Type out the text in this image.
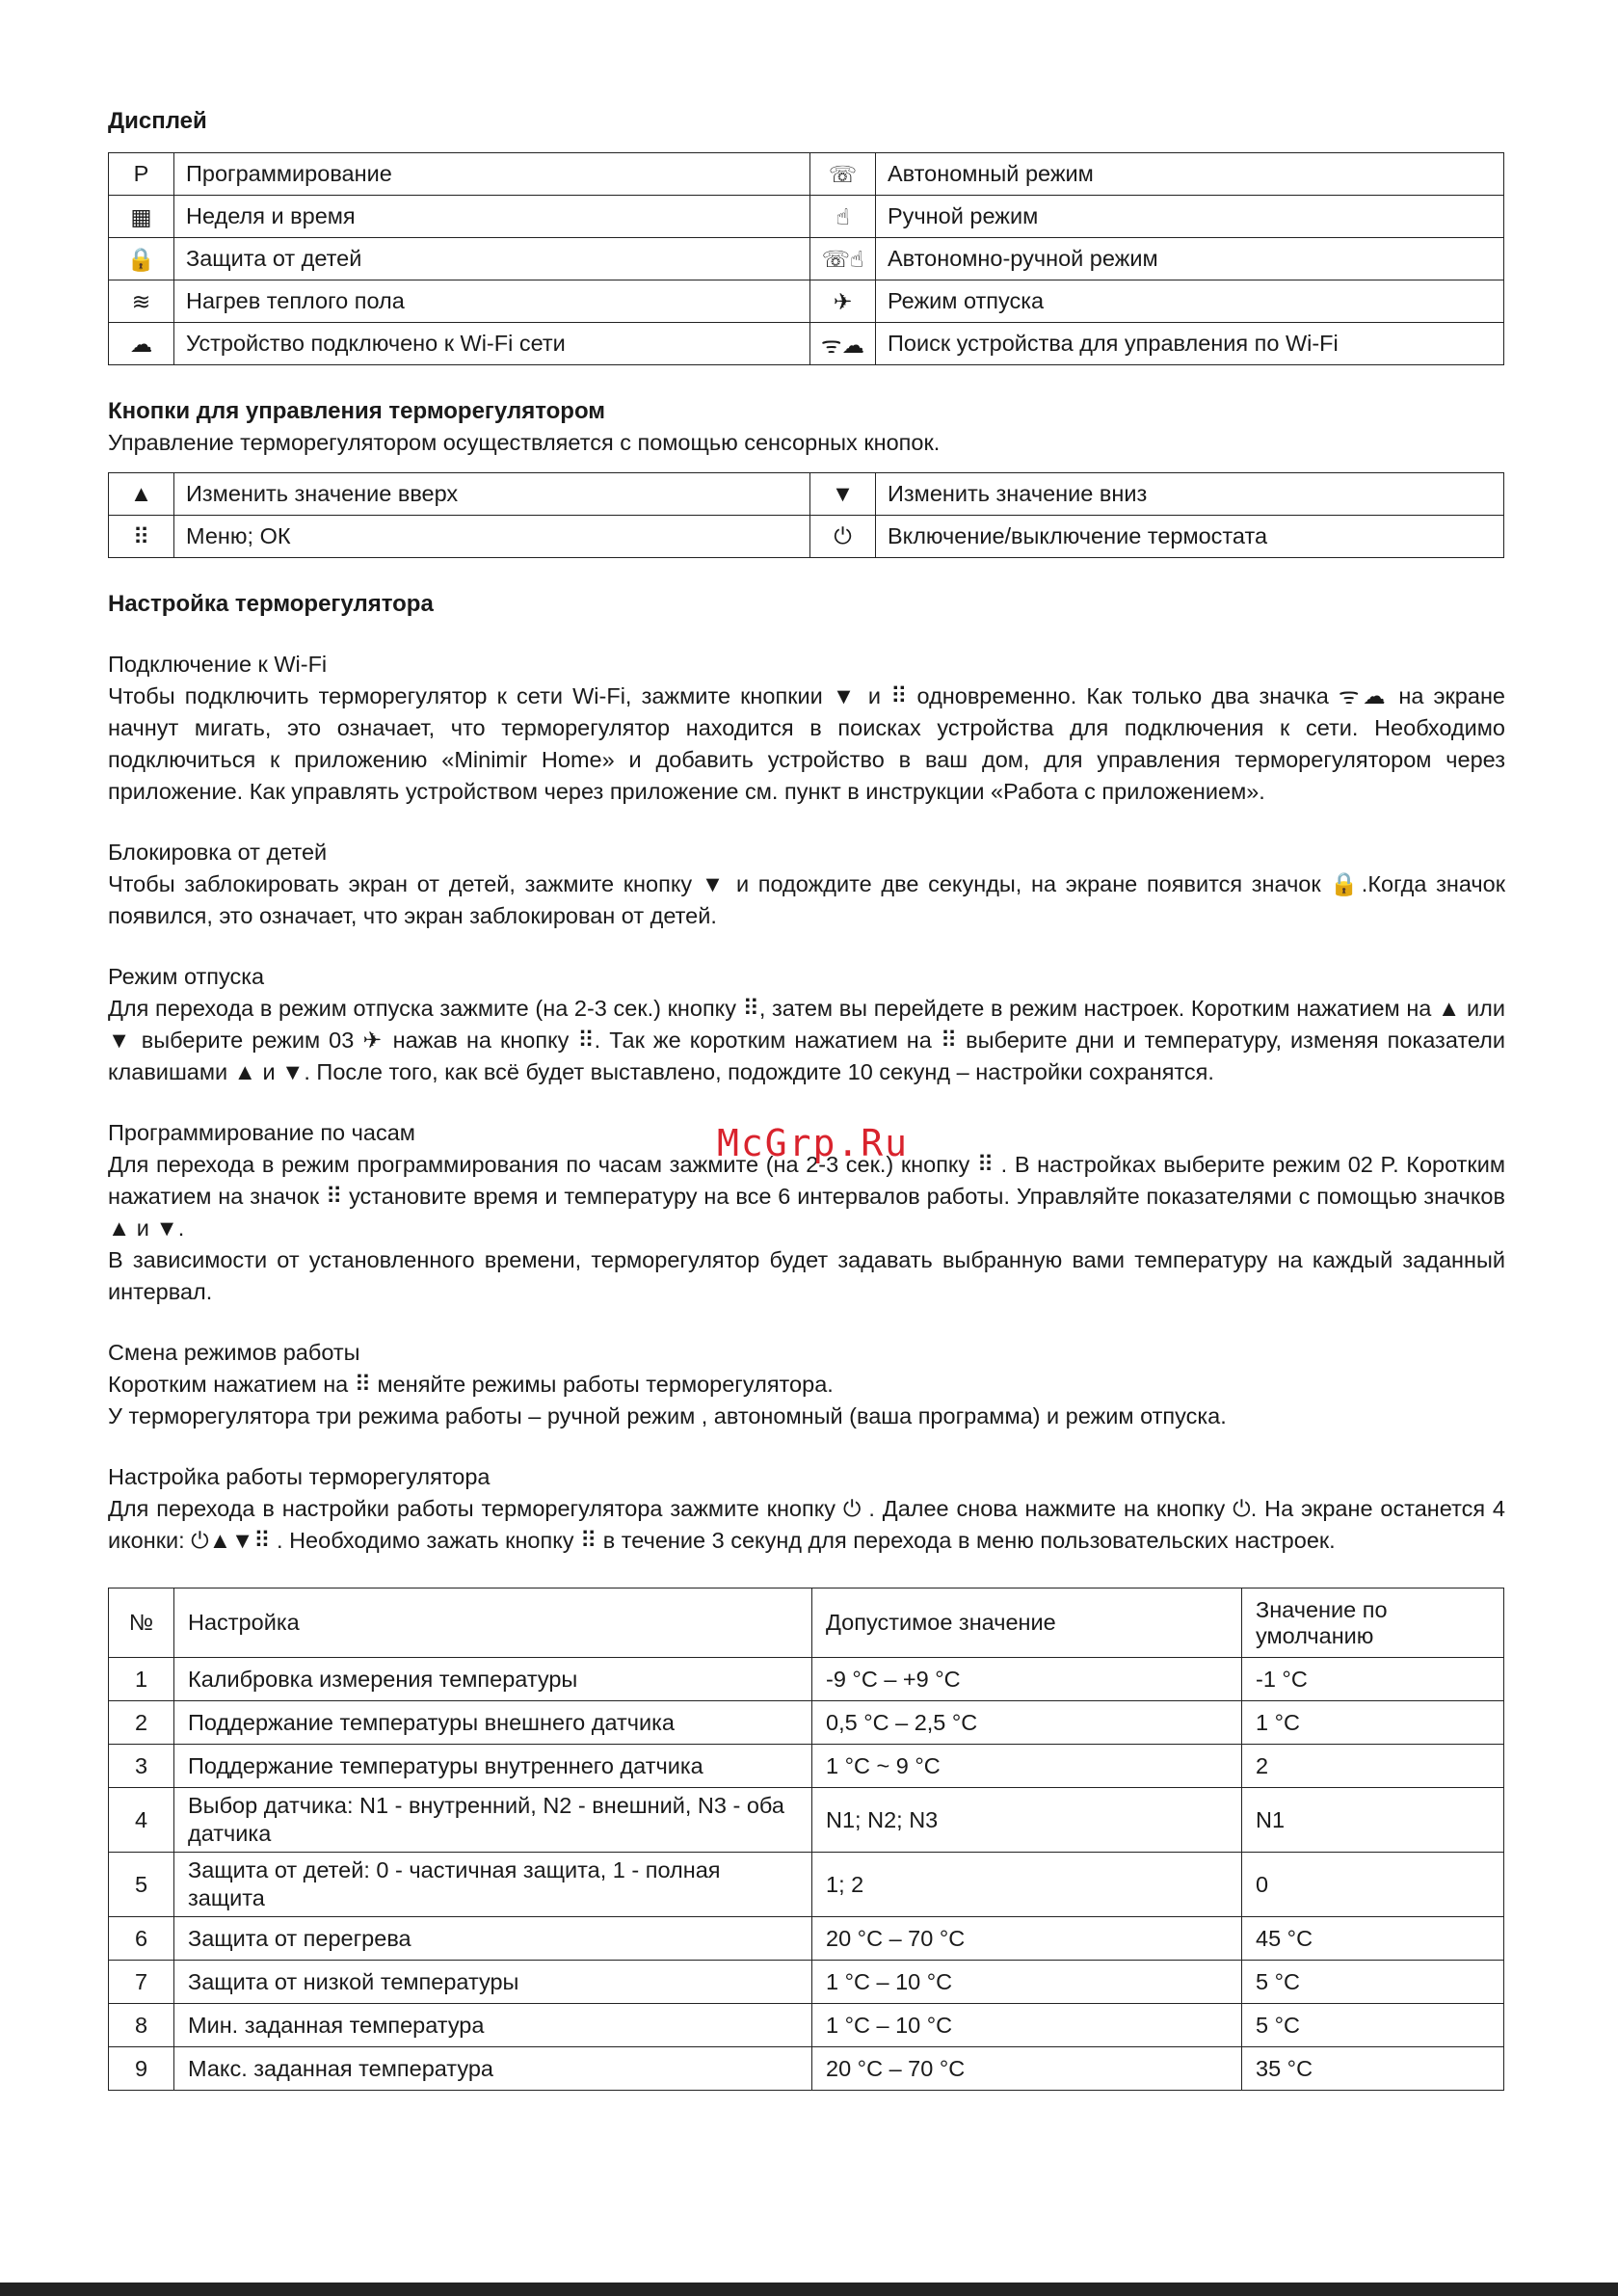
Дисплей
P	Программирование	☏	Автономный режим
▦	Неделя и время	☝	Ручной режим
🔒	Защита от детей	☏☝	Автономно-ручной режим
≋	Нагрев теплого пола	✈	Режим отпуска
☁	Устройство подключено к Wi-Fi сети	ᯤ☁	Поиск устройства для управления по Wi-Fi
Кнопки для управления терморегулятором

Управление терморегулятором осуществляется с помощью сенсорных кнопок.

▲	Изменить значение вверх	▼	Изменить значение вниз
⠿	Меню; ОК	⏻	Включение/выключение термостата
Настройка терморегулятора
Подключение к Wi-Fi

Чтобы подключить терморегулятор к сети Wi-Fi, зажмите кнопкии ▼ и ⠿ одновременно. Как только два значка ᯤ☁ на экране начнут мигать, это означает, что терморегулятор находится в поисках устройства для подключения к сети. Необходимо подключиться к приложению «Minimir Home» и добавить устройство в ваш дом, для управления терморегулятором через приложение. Как управлять устройством через приложение см. пункт в инструкции «Работа с приложением».

Блокировка от детей

Чтобы заблокировать экран от детей, зажмите кнопку ▼ и подождите две секунды, на экране появится значок 🔒.Когда значок появился, это означает, что экран заблокирован от детей.

Режим отпуска

Для перехода в режим отпуска зажмите (на 2-3 сек.) кнопку ⠿, затем вы перейдете в режим настроек. Коротким нажатием на ▲ или ▼ выберите режим 03 ✈ нажав на кнопку ⠿. Так же коротким нажатием на ⠿ выберите дни и температуру, изменяя показатели клавишами ▲ и ▼. После того, как всё будет выставлено, подождите 10 секунд – настройки сохранятся.

Программирование по часам

Для перехода в режим программирования по часам зажмите (на 2-3 сек.) кнопку ⠿ . В настройках выберите режим 02 P. Коротким нажатием на значок ⠿ установите время и температуру на все 6 интервалов работы. Управляйте показателями с помощью значков ▲ и ▼.

В зависимости от установленного времени, терморегулятор будет задавать выбранную вами температуру на каждый заданный интервал.

Смена режимов работы

Коротким нажатием на ⠿ меняйте режимы работы терморегулятора.

У терморегулятора три режима работы – ручной режим , автономный (ваша программа) и режим отпуска.

Настройка работы терморегулятора

Для перехода в настройки работы терморегулятора зажмите кнопку ⏻ . Далее снова нажмите на кнопку ⏻. На экране останется 4 иконки: ⏻▲▼⠿ . Необходимо зажать кнопку ⠿ в течение 3 секунд для перехода в меню пользовательских настроек.

№	Настройка	Допустимое значение	Значение по умолчанию
1	Калибровка измерения температуры	-9 °C – +9 °C	-1 °C
2	Поддержание температуры внешнего датчика	0,5 °C – 2,5 °C	1 °C
3	Поддержание температуры внутреннего датчика	1 °C ~ 9 °C	2
4	Выбор датчика: N1 - внутренний, N2 - внешний, N3 - оба датчика	N1; N2; N3	N1
5	Защита от детей: 0 - частичная защита, 1 - полная защита	1; 2	0
6	Защита от перегрева	20 °C – 70 °C	45 °C
7	Защита от низкой температуры	1 °C – 10 °C	5 °C
8	Мин. заданная температура	1 °C – 10 °C	5 °C
9	Макс. заданная температура	20 °C – 70 °C	35 °C
McGrp.Ru
